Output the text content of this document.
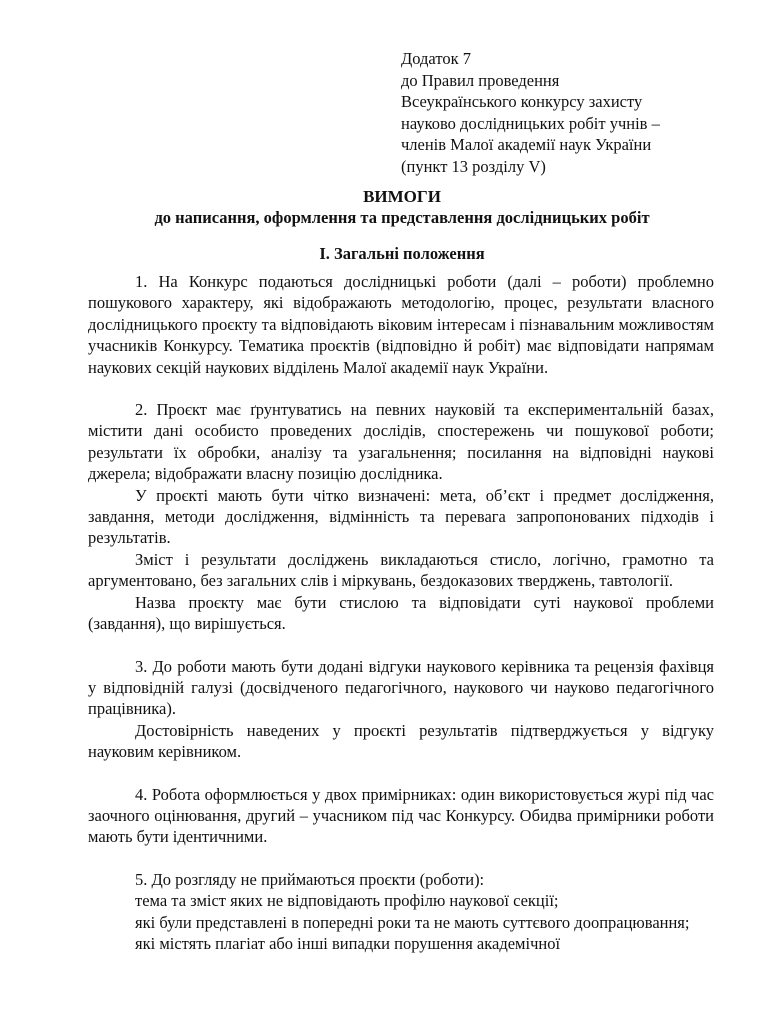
Додаток 7
до Правил проведення
Всеукраїнського конкурсу захисту
науково дослідницьких робіт учнів –
членів Малої академії наук України
(пункт 13 розділу V)
ВИМОГИ
до написання, оформлення та представлення дослідницьких робіт
I. Загальні положення

1. На Конкурс подаються дослідницькі роботи (далі – роботи) проблемно пошукового характеру, які відображають методологію, процес, результати власного дослідницького проєкту та відповідають віковим інтересам і пізнавальним можливостям учасників Конкурсу. Тематика проєктів (відповідно й робіт) має відповідати напрямам наукових секцій наукових відділень Малої академії наук України.

2. Проєкт має ґрунтуватись на певних науковій та експериментальній базах, містити дані особисто проведених дослідів, спостережень чи пошукової роботи; результати їх обробки, аналізу та узагальнення; посилання на відповідні наукові джерела; відображати власну позицію дослідника.

У проєкті мають бути чітко визначені: мета, об’єкт і предмет дослідження, завдання, методи дослідження, відмінність та перевага запропонованих підходів і результатів.

Зміст і результати досліджень викладаються стисло, логічно, грамотно та аргументовано, без загальних слів і міркувань, бездоказових тверджень, тавтології.

Назва проєкту має бути стислою та відповідати суті наукової проблеми (завдання), що вирішується.

3. До роботи мають бути додані відгуки наукового керівника та рецензія фахівця у відповідній галузі (досвідченого педагогічного, наукового чи науково педагогічного працівника).

Достовірність наведених у проєкті результатів підтверджується у відгуку науковим керівником.

4. Робота оформлюється у двох примірниках: один використовується журі під час заочного оцінювання, другий – учасником під час Конкурсу. Обидва примірники роботи мають бути ідентичними.

5. До розгляду не приймаються проєкти (роботи):

тема та зміст яких не відповідають профілю наукової секції;

які були представлені в попередні роки та не мають суттєвого доопрацювання;

які містять плагіат або інші випадки порушення академічної
